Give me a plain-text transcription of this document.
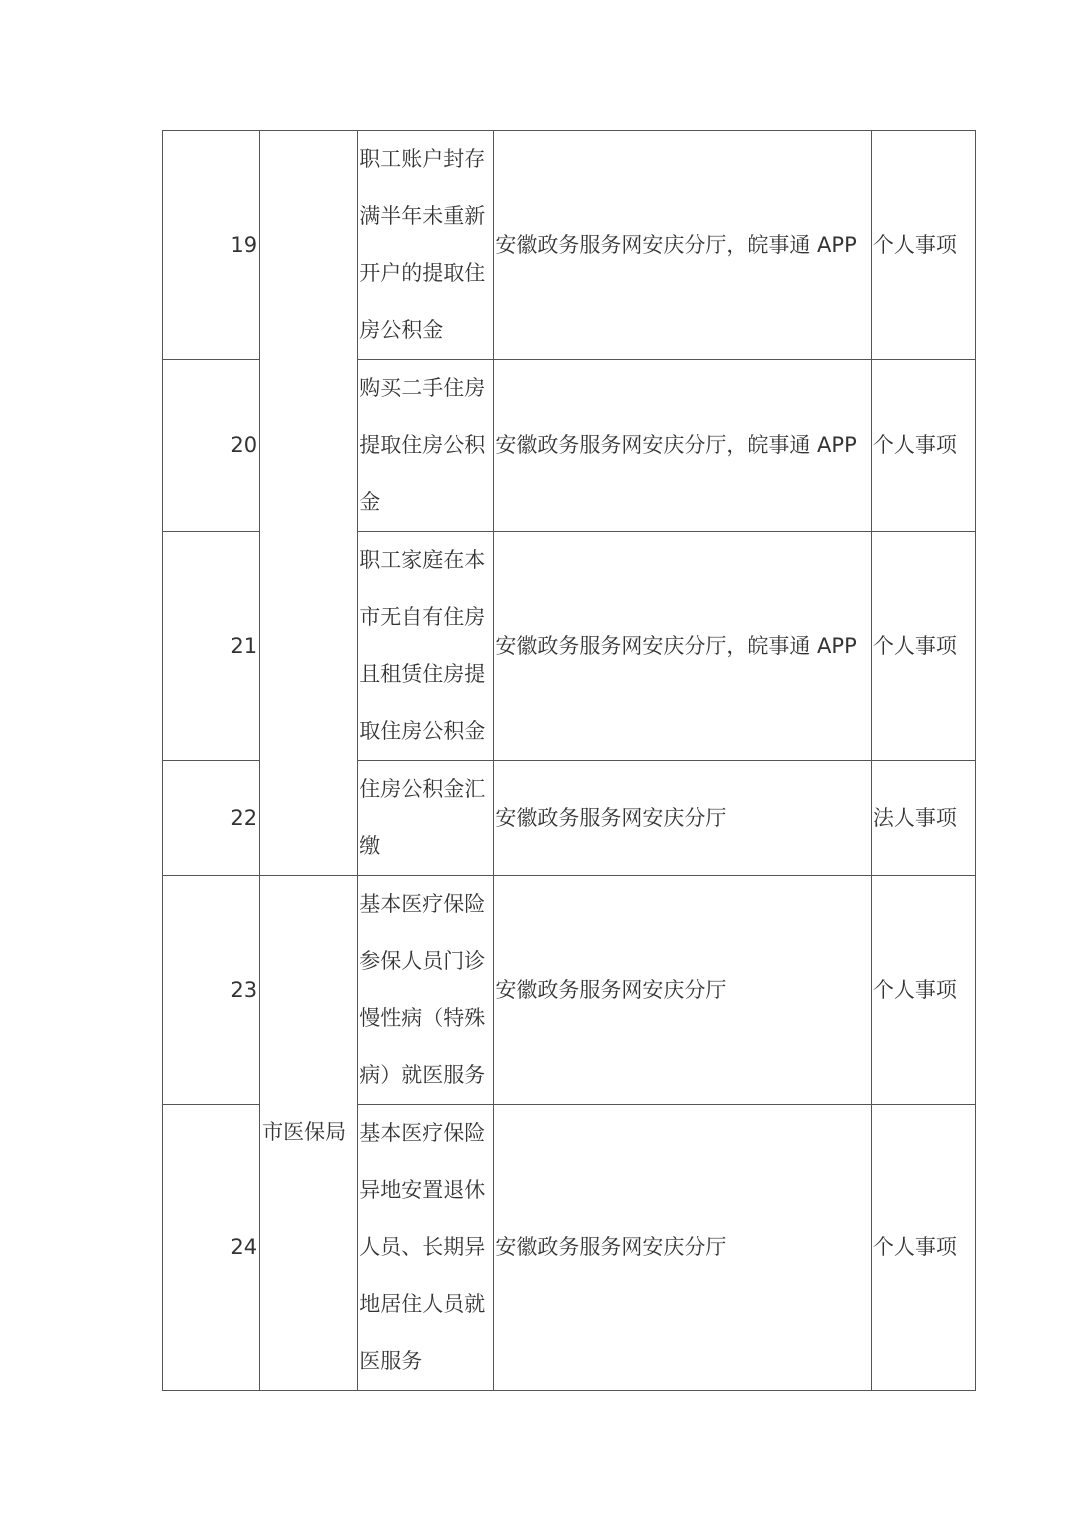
19		职工账户封存满半年未重新开户的提取住房公积金	安徽政务服务网安庆分厅，皖事通 APP	个人事项
20		购买二手住房提取住房公积金	安徽政务服务网安庆分厅，皖事通 APP	个人事项
21		职工家庭在本市无自有住房且租赁住房提取住房公积金	安徽政务服务网安庆分厅，皖事通 APP	个人事项
22		住房公积金汇缴	安徽政务服务网安庆分厅	法人事项
23	市医保局	基本医疗保险参保人员门诊慢性病（特殊病）就医服务	安徽政务服务网安庆分厅	个人事项
24		基本医疗保险异地安置退休人员、长期异地居住人员就医服务	安徽政务服务网安庆分厅	个人事项
